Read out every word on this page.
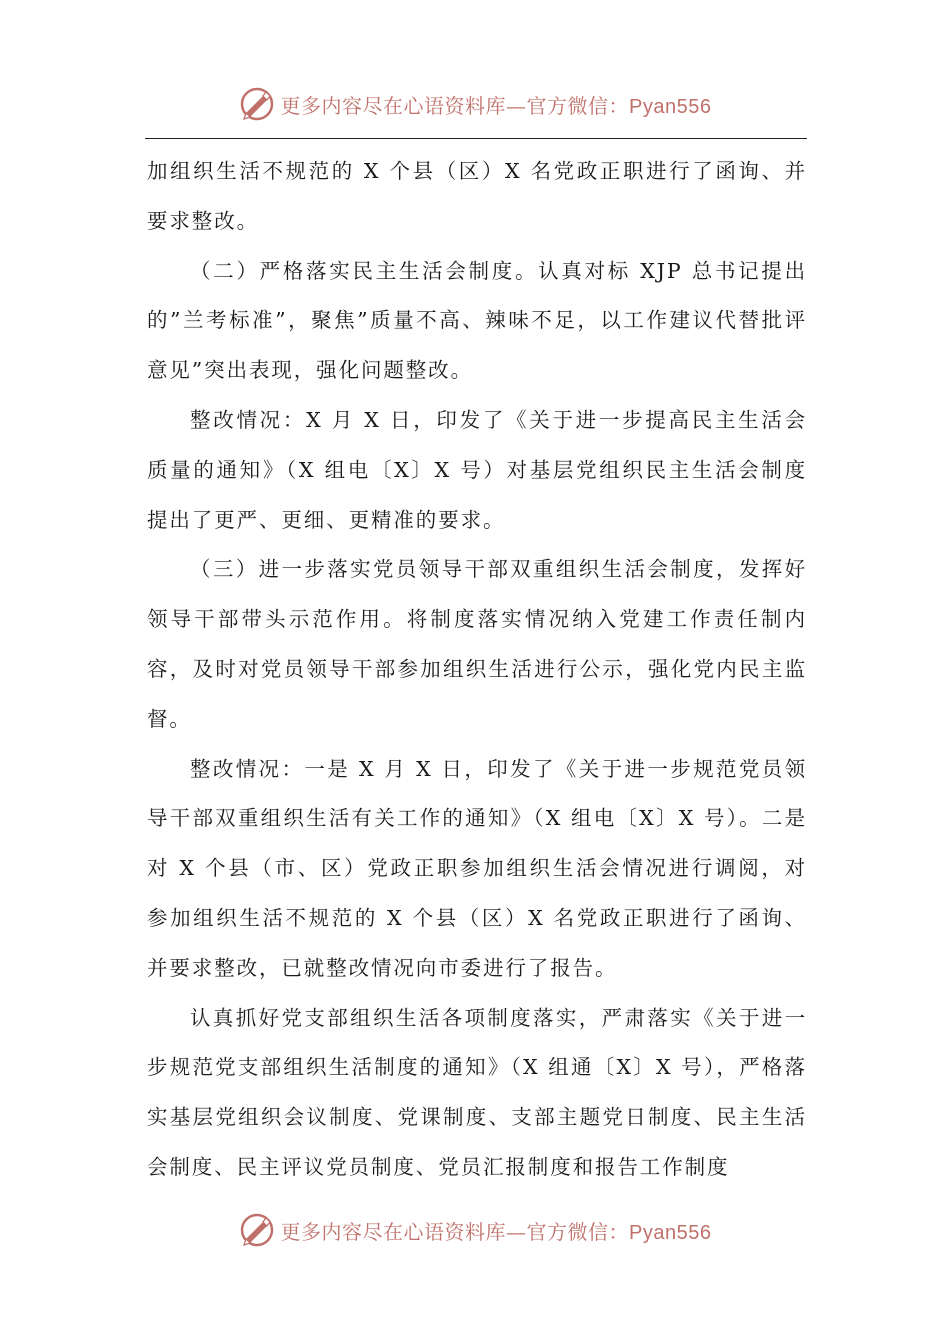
更多内容尽在心语资料库—官方微信：Pyan556

加组织生活不规范的 X 个县（区）X 名党政正职进行了函询、并要求整改。

（二）严格落实民主生活会制度。认真对标 XJP 总书记提出的”兰考标准”，聚焦”质量不高、辣味不足，以工作建议代替批评意见”突出表现，强化问题整改。

整改情况：X 月 X 日，印发了《关于进一步提高民主生活会质量的通知》（X 组电〔X〕X 号）对基层党组织民主生活会制度提出了更严、更细、更精准的要求。

（三）进一步落实党员领导干部双重组织生活会制度，发挥好领导干部带头示范作用。将制度落实情况纳入党建工作责任制内容，及时对党员领导干部参加组织生活进行公示，强化党内民主监督。

整改情况：一是 X 月 X 日，印发了《关于进一步规范党员领导干部双重组织生活有关工作的通知》（X 组电〔X〕X 号）。二是对 X 个县（市、区）党政正职参加组织生活会情况进行调阅，对参加组织生活不规范的 X 个县（区）X 名党政正职进行了函询、并要求整改，已就整改情况向市委进行了报告。

认真抓好党支部组织生活各项制度落实，严肃落实《关于进一步规范党支部组织生活制度的通知》（X 组通〔X〕X 号），严格落实基层党组织会议制度、党课制度、支部主题党日制度、民主生活会制度、民主评议党员制度、党员汇报制度和报告工作制度

更多内容尽在心语资料库—官方微信：Pyan556
